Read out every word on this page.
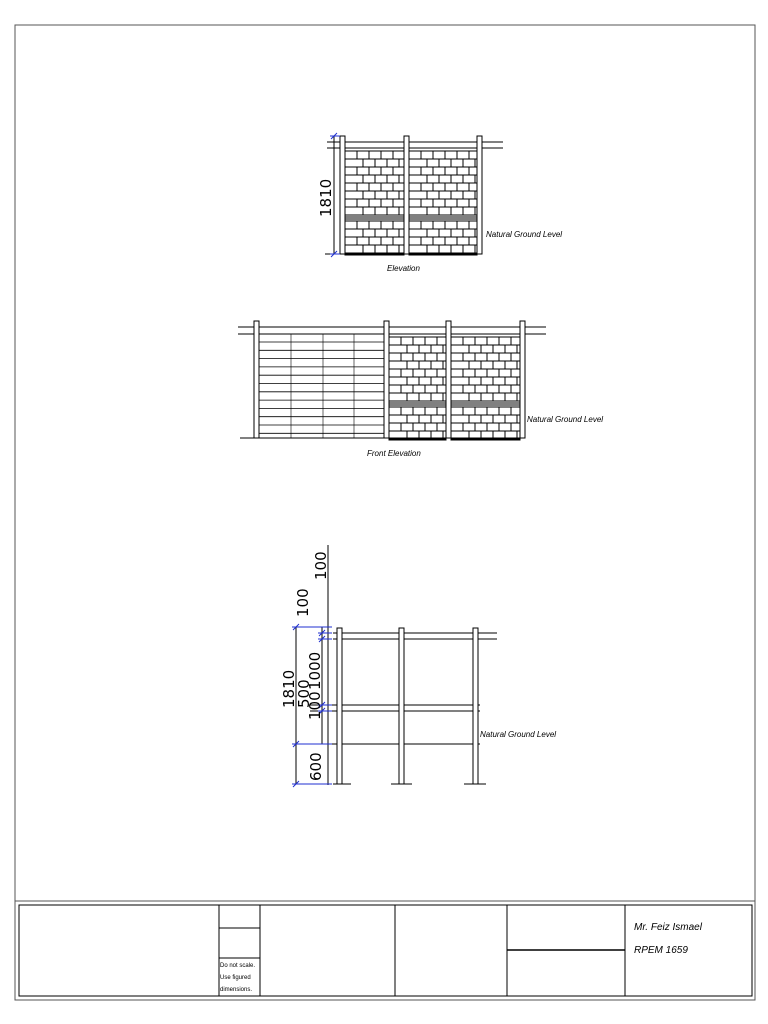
1810
Natural Ground Level
Elevation
Natural Ground Level
Front Elevation
100
100
1810
500
1000
100
600
Natural Ground Level
Do not scale.
Use figured
dimensions.
Mr. Feiz Ismael
RPEM 1659
